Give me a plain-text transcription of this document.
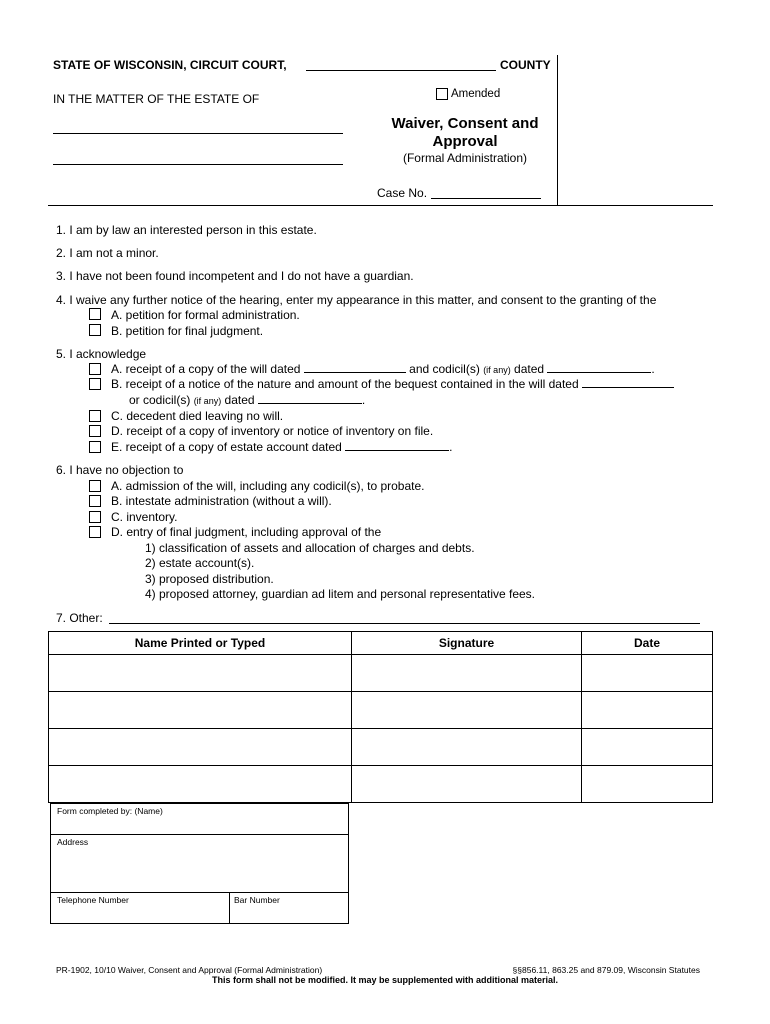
STATE OF WISCONSIN, CIRCUIT COURT,	COUNTY
IN THE MATTER OF THE ESTATE OF	Amended
Waiver, Consent and
Approval
(Formal Administration)
Case No.
1. I am by law an interested person in this estate.
2. I am not a minor.
3. I have not been found incompetent and I do not have a guardian.
4. I waive any further notice of the hearing, enter my appearance in this matter, and consent to the granting of the
A. petition for formal administration.
B. petition for final judgment.
5. I acknowledge
A. receipt of a copy of the will dated	and codicil(s) (if any) dated	.
B. receipt of a notice of the nature and amount of the bequest contained in the will dated
or codicil(s) (if any) dated	.
C. decedent died leaving no will.
D. receipt of a copy of inventory or notice of inventory on file.
E. receipt of a copy of estate account dated	.
6. I have no objection to
A. admission of the will, including any codicil(s), to probate.
B. intestate administration (without a will).
C. inventory.
D. entry of final judgment, including approval of the
1) classification of assets and allocation of charges and debts.
2) estate account(s).
3) proposed distribution.
4) proposed attorney, guardian ad litem and personal representative fees.
7. Other:
Name Printed or Typed	Signature	Date

Form completed by: (Name)
Address
Telephone Number	Bar Number
PR-1902, 10/10 Waiver, Consent and Approval (Formal Administration)	§§856.11, 863.25 and 879.09, Wisconsin Statutes
This form shall not be modified. It may be supplemented with additional material.
